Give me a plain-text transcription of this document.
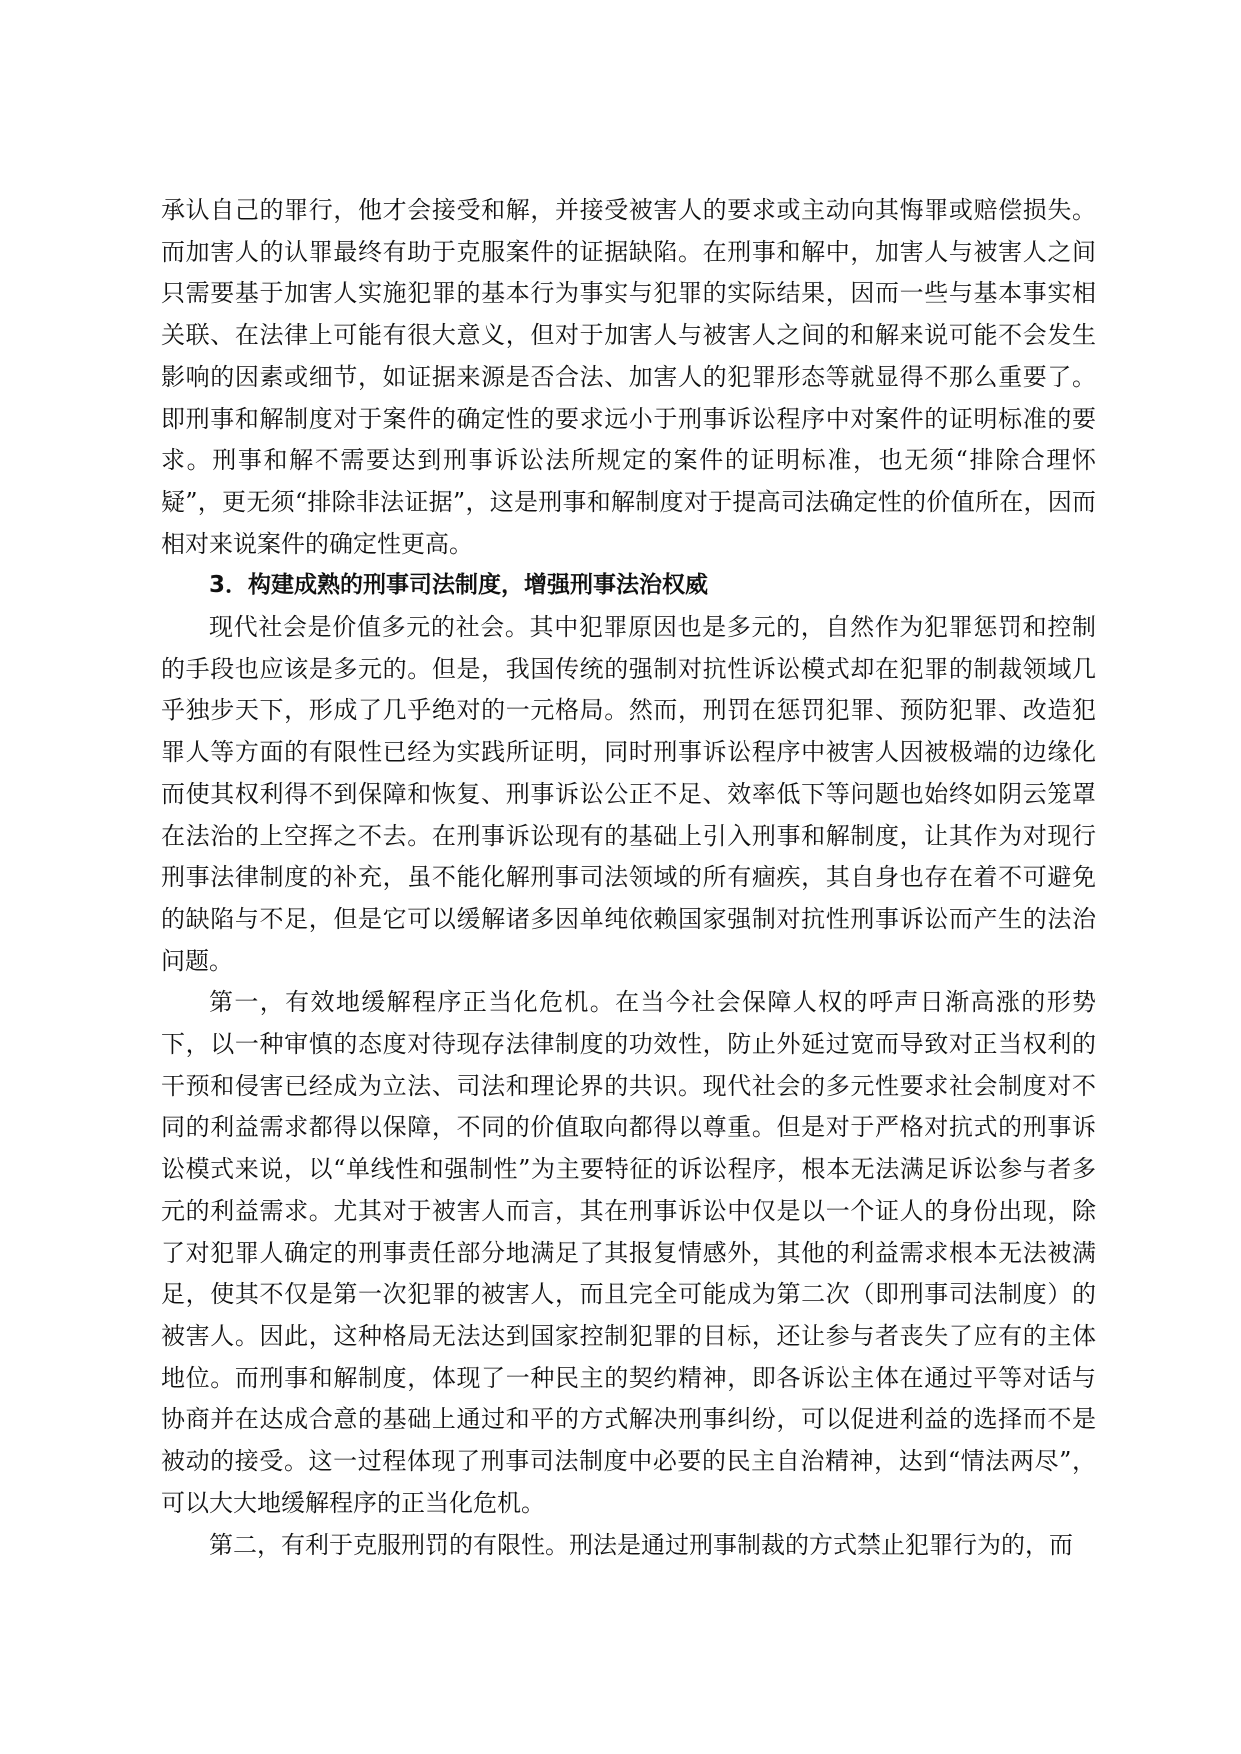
承认自己的罪行，他才会接受和解，并接受被害人的要求或主动向其悔罪或赔偿损失。而加害人的认罪最终有助于克服案件的证据缺陷。在刑事和解中，加害人与被害人之间只需要基于加害人实施犯罪的基本行为事实与犯罪的实际结果，因而一些与基本事实相关联、在法律上可能有很大意义，但对于加害人与被害人之间的和解来说可能不会发生影响的因素或细节，如证据来源是否合法、加害人的犯罪形态等就显得不那么重要了。即刑事和解制度对于案件的确定性的要求远小于刑事诉讼程序中对案件的证明标准的要求。刑事和解不需要达到刑事诉讼法所规定的案件的证明标准，也无须“排除合理怀疑”，更无须“排除非法证据”，这是刑事和解制度对于提高司法确定性的价值所在，因而相对来说案件的确定性更高。

3．构建成熟的刑事司法制度，增强刑事法治权威

现代社会是价值多元的社会。其中犯罪原因也是多元的，自然作为犯罪惩罚和控制的手段也应该是多元的。但是，我国传统的强制对抗性诉讼模式却在犯罪的制裁领域几乎独步天下，形成了几乎绝对的一元格局。然而，刑罚在惩罚犯罪、预防犯罪、改造犯罪人等方面的有限性已经为实践所证明，同时刑事诉讼程序中被害人因被极端的边缘化而使其权利得不到保障和恢复、刑事诉讼公正不足、效率低下等问题也始终如阴云笼罩在法治的上空挥之不去。在刑事诉讼现有的基础上引入刑事和解制度，让其作为对现行刑事法律制度的补充，虽不能化解刑事司法领域的所有痼疾，其自身也存在着不可避免的缺陷与不足，但是它可以缓解诸多因单纯依赖国家强制对抗性刑事诉讼而产生的法治问题。

第一，有效地缓解程序正当化危机。在当今社会保障人权的呼声日渐高涨的形势下，以一种审慎的态度对待现存法律制度的功效性，防止外延过宽而导致对正当权利的干预和侵害已经成为立法、司法和理论界的共识。现代社会的多元性要求社会制度对不同的利益需求都得以保障，不同的价值取向都得以尊重。但是对于严格对抗式的刑事诉讼模式来说，以“单线性和强制性”为主要特征的诉讼程序，根本无法满足诉讼参与者多元的利益需求。尤其对于被害人而言，其在刑事诉讼中仅是以一个证人的身份出现，除了对犯罪人确定的刑事责任部分地满足了其报复情感外，其他的利益需求根本无法被满足，使其不仅是第一次犯罪的被害人，而且完全可能成为第二次（即刑事司法制度）的被害人。因此，这种格局无法达到国家控制犯罪的目标，还让参与者丧失了应有的主体地位。而刑事和解制度，体现了一种民主的契约精神，即各诉讼主体在通过平等对话与协商并在达成合意的基础上通过和平的方式解决刑事纠纷，可以促进利益的选择而不是被动的接受。这一过程体现了刑事司法制度中必要的民主自治精神，达到“情法两尽”，可以大大地缓解程序的正当化危机。

第二，有利于克服刑罚的有限性。刑法是通过刑事制裁的方式禁止犯罪行为的，而
